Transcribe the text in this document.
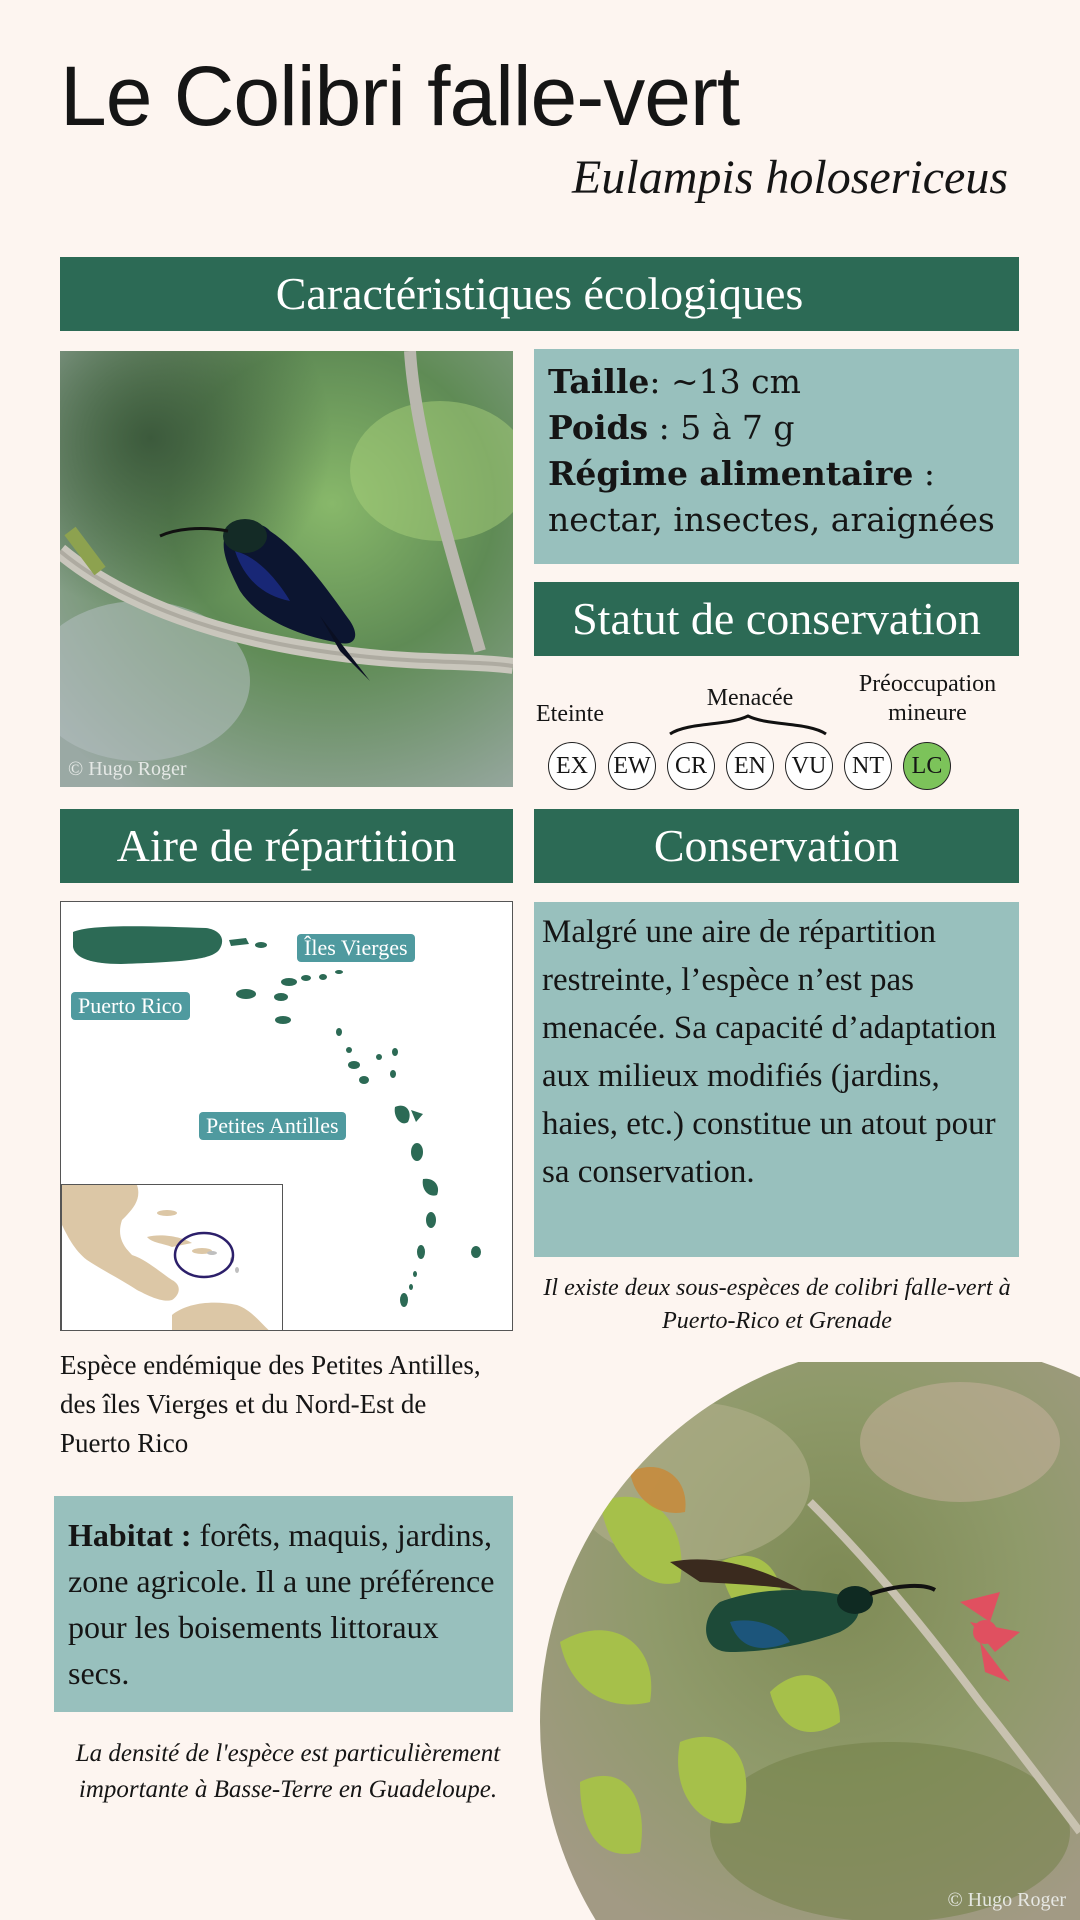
Le Colibri falle-vert
Eulampis holosericeus
Caractéristiques écologiques
© Hugo Roger
Taille: ~13 cm
Poids : 5 à 7 g
Régime alimentaire : nectar, insectes, araignées
Statut de conservation
Eteinte
Menacée
Préoccupation mineure
EX	EW	CR	EN	VU	NT	LC
Aire de répartition
Puerto Rico
Îles Vierges
Petites Antilles
Espèce endémique des Petites Antilles, des îles Vierges et du Nord-Est de Puerto Rico
Habitat : forêts, maquis, jardins, zone agricole. Il a une préférence pour les boisements littoraux secs.
La densité de l'espèce est particulièrement importante à Basse-Terre en Guadeloupe.
Conservation
Malgré une aire de répartition restreinte, l’espèce n’est pas menacée. Sa capacité d’adaptation aux milieux modifiés (jardins, haies, etc.) constitue un atout pour sa conservation.
Il existe deux sous-espèces de colibri falle-vert à Puerto-Rico et Grenade
© Hugo Roger
